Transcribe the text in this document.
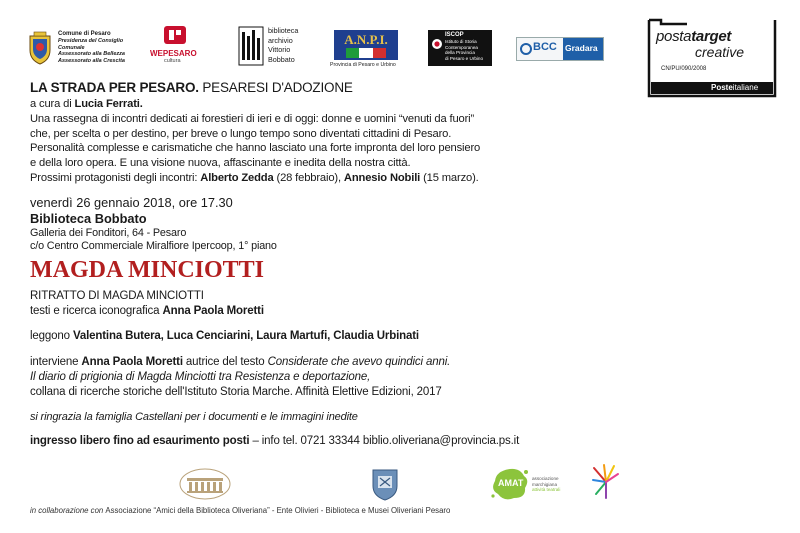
Comune di Pesaro
Presidenza del Consiglio Comunale
Assessorato alla Bellezza
Assessorato alla Crescita
WEPESARO
cultura
biblioteca
archivio
Vittorio
Bobbato
A.N.P.I.
Provincia di Pesaro e Urbino
ISCOP
Istituto di Storia
Contemporanea
della Provincia
di Pesaro e Urbino
BCC Gradara
postatarget
creative
CN/PU/090/2008
Posteitaliane
LA STRADA PER PESARO. PESARESI D'ADOZIONE

a cura di Lucia Ferrati.

Una rassegna di incontri dedicati ai forestieri di ieri e di oggi: donne e uomini “venuti da fuori”

che, per scelta o per destino, per breve o lungo tempo sono diventati cittadini di Pesaro.

Personalità complesse e carismatiche che hanno lasciato una forte impronta del loro pensiero

e della loro opera. E una visione nuova, affascinante e inedita della nostra città.

Prossimi protagonisti degli incontri: Alberto Zedda (28 febbraio), Annesio Nobili (15 marzo).

venerdì 26 gennaio 2018, ore 17.30
Biblioteca Bobbato

Galleria dei Fonditori, 64 - Pesaro

c/o Centro Commerciale Miralfiore Ipercoop, 1° piano

MAGDA MINCIOTTI

RITRATTO DI MAGDA MINCIOTTI

testi e ricerca iconografica Anna Paola Moretti

leggono Valentina Butera, Luca Cenciarini, Laura Martufi, Claudia Urbinati

interviene Anna Paola Moretti autrice del testo Considerate che avevo quindici anni.

Il diario di prigionia di Magda Minciotti tra Resistenza e deportazione,

collana di ricerche storiche dell'Istituto Storia Marche. Affinità Elettive Edizioni, 2017

si ringrazia la famiglia Castellani per i documenti e le immagini inedite

ingresso libero fino ad esaurimento posti – info tel. 0721 33344 biblio.oliveriana@provincia.ps.it

AMAT associazione
marchigiana
attività teatrali
in collaborazione con Associazione “Amici della Biblioteca Oliveriana” - Ente Olivieri - Biblioteca e Musei Oliveriani Pesaro
